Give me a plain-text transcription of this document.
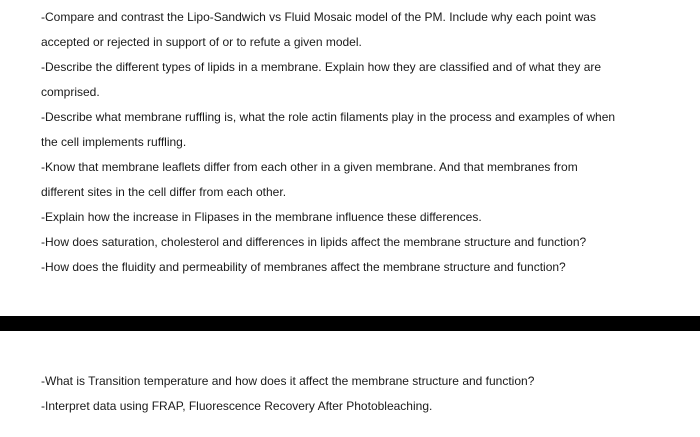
-Compare and contrast the Lipo-Sandwich vs Fluid Mosaic model of the PM. Include why each point was
accepted or rejected in support of or to refute a given model.
-Describe the different types of lipids in a membrane. Explain how they are classified and of what they are
comprised.
-Describe what membrane ruffling is, what the role actin filaments play in the process and examples of when
the cell implements ruffling.
-Know that membrane leaflets differ from each other in a given membrane. And that membranes from
different sites in the cell differ from each other.
-Explain how the increase in Flipases in the membrane influence these differences.
-How does saturation, cholesterol and differences in lipids affect the membrane structure and function?
-How does the fluidity and permeability of membranes affect the membrane structure and function?
-What is Transition temperature and how does it affect the membrane structure and function?
-Interpret data using FRAP, Fluorescence Recovery After Photobleaching.
